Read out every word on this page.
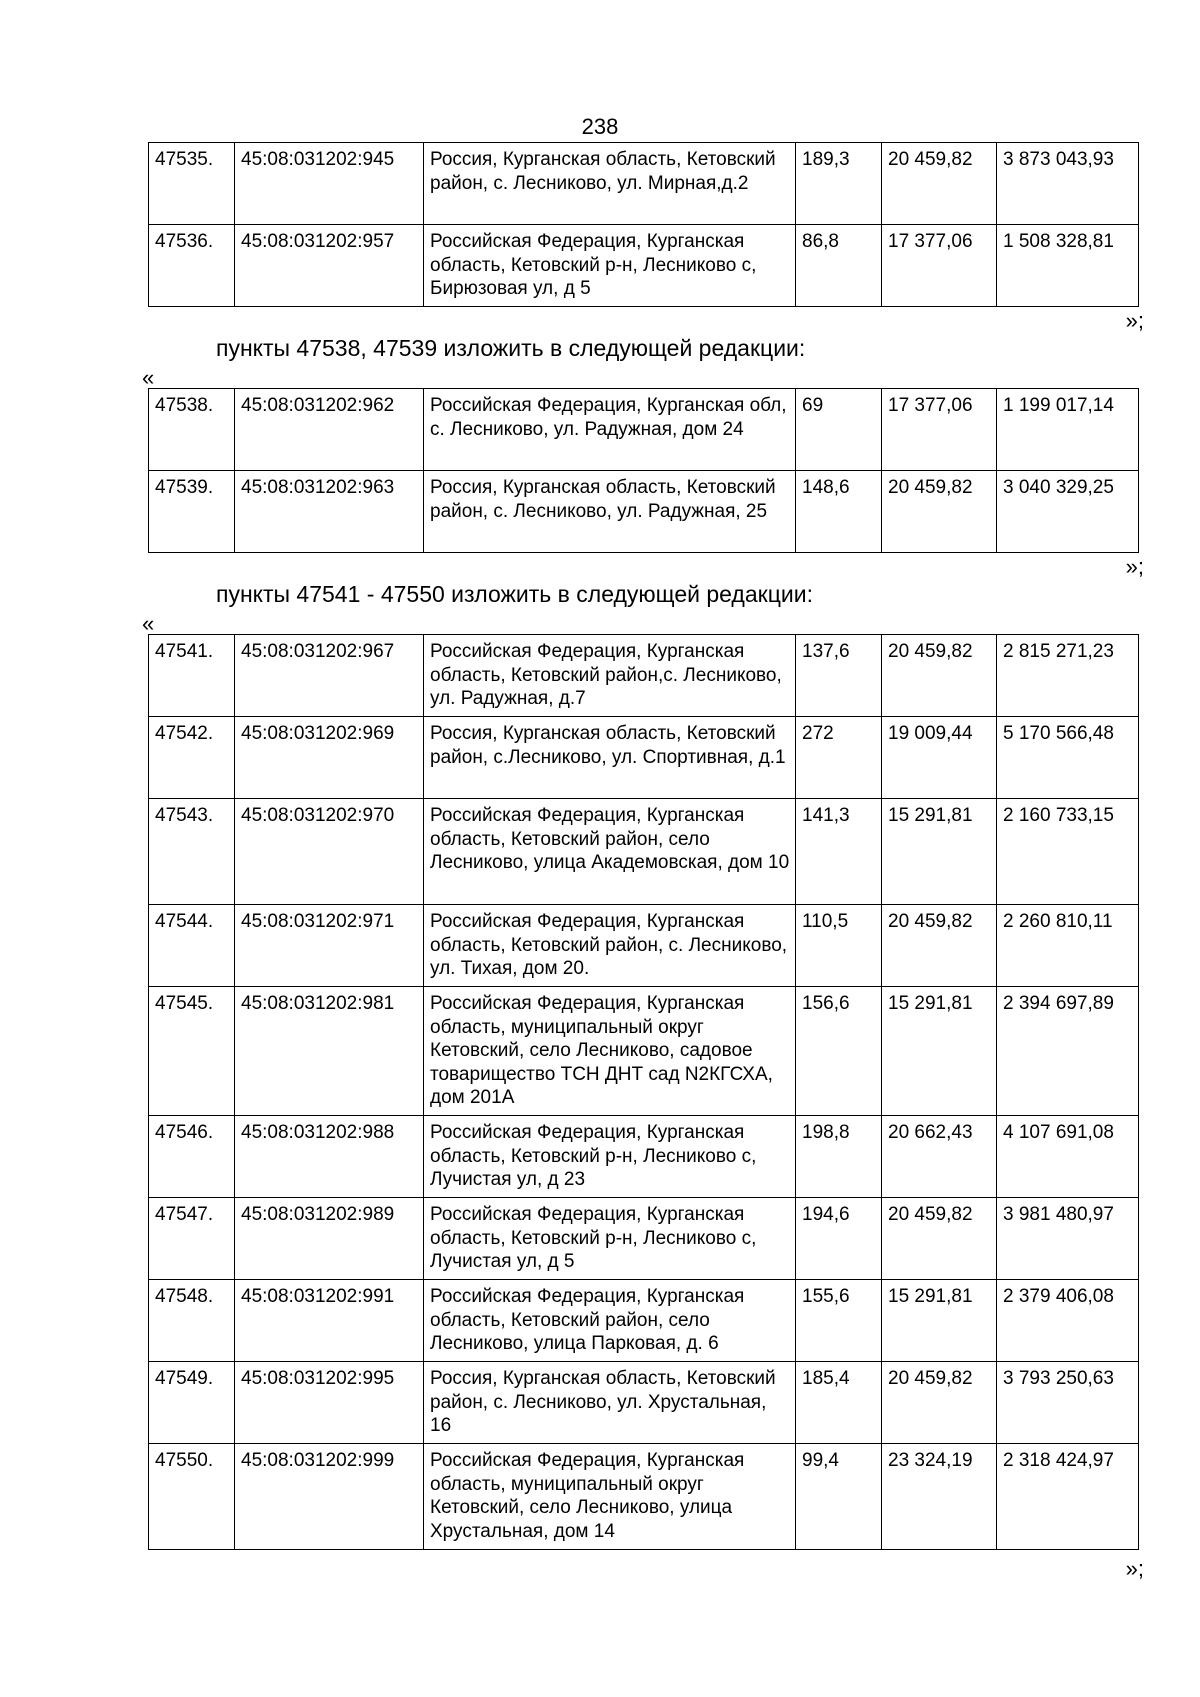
238
47535.	45:08:031202:945	Россия, Курганская область, Кетовский район, с. Лесниково, ул. Мирная,д.2	189,3	20 459,82	3 873 043,93
47536.	45:08:031202:957	Российская Федерация, Курганская область, Кетовский р-н, Лесниково с, Бирюзовая ул, д 5	86,8	17 377,06	1 508 328,81
»;
пункты 47538, 47539 изложить в следующей редакции:
«
47538.	45:08:031202:962	Российская Федерация, Курганская обл, с. Лесниково, ул. Радужная, дом 24	69	17 377,06	1 199 017,14
47539.	45:08:031202:963	Россия, Курганская область, Кетовский район, с. Лесниково, ул. Радужная, 25	148,6	20 459,82	3 040 329,25
»;
пункты 47541 - 47550 изложить в следующей редакции:
«
47541.	45:08:031202:967	Российская Федерация, Курганская область, Кетовский район,с. Лесниково, ул. Радужная, д.7	137,6	20 459,82	2 815 271,23
47542.	45:08:031202:969	Россия, Курганская область, Кетовский район, с.Лесниково, ул. Спортивная, д.1	272	19 009,44	5 170 566,48
47543.	45:08:031202:970	Российская Федерация, Курганская область, Кетовский район, село Лесниково, улица Академовская, дом 10	141,3	15 291,81	2 160 733,15
47544.	45:08:031202:971	Российская Федерация, Курганская область, Кетовский район, с. Лесниково, ул. Тихая, дом 20.	110,5	20 459,82	2 260 810,11
47545.	45:08:031202:981	Российская Федерация, Курганская область, муниципальный округ Кетовский, село Лесниково, садовое товарищество ТСН ДНТ сад N2КГСХА, дом 201А	156,6	15 291,81	2 394 697,89
47546.	45:08:031202:988	Российская Федерация, Курганская область, Кетовский р-н, Лесниково с, Лучистая ул, д 23	198,8	20 662,43	4 107 691,08
47547.	45:08:031202:989	Российская Федерация, Курганская область, Кетовский р-н, Лесниково с, Лучистая ул, д 5	194,6	20 459,82	3 981 480,97
47548.	45:08:031202:991	Российская Федерация, Курганская область, Кетовский район, село Лесниково, улица Парковая, д. 6	155,6	15 291,81	2 379 406,08
47549.	45:08:031202:995	Россия, Курганская область, Кетовский район, с. Лесниково, ул. Хрустальная, 16	185,4	20 459,82	3 793 250,63
47550.	45:08:031202:999	Российская Федерация, Курганская область, муниципальный округ Кетовский, село Лесниково, улица Хрустальная, дом 14	99,4	23 324,19	2 318 424,97
»;
